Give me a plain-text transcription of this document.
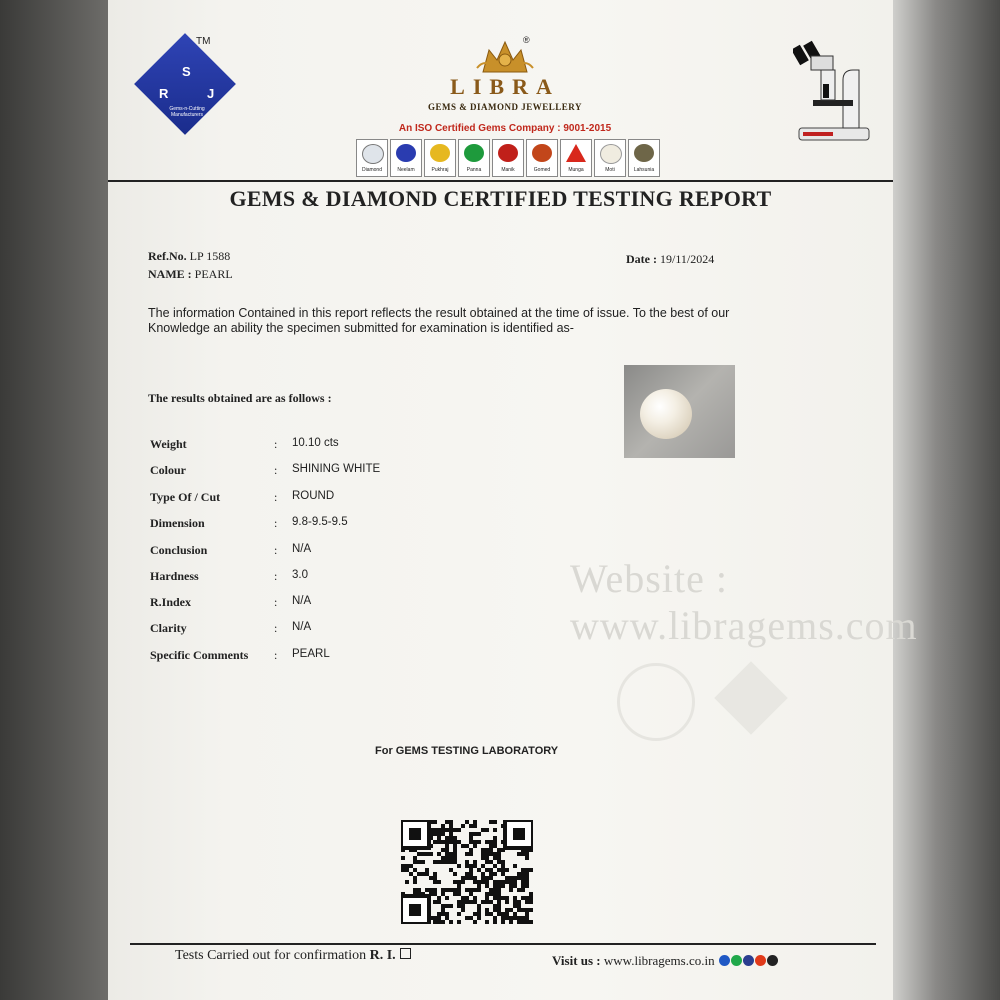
Website : www.libragems.com
S
R	J
Gems-n-Cutting Manufacturers
TM	®
LIBRA
GEMS & DIAMOND JEWELLERY
An ISO Certified Gems Company : 9001-2015
Diamond	Neelam	Pukhraj	Panna	Manik	Gomed	Munga	Moti	Lahsunia
GEMS & DIAMOND CERTIFIED TESTING REPORT
Ref.No. LP 1588
NAME : PEARL
Date : 19/11/2024
The information Contained in this report reflects the result obtained at the time of issue. To the best of our Knowledge an ability the specimen submitted for examination is identified as-
The results obtained are as follows :
Weight	: 10.10 cts
Colour	: SHINING WHITE
Type Of / Cut	: ROUND
Dimension	: 9.8-9.5-9.5
Conclusion	: N/A
Hardness	: 3.0
R.Index	: N/A
Clarity	: N/A
Specific Comments : PEARL
For GEMS TESTING LABORATORY
Tests Carried out for confirmation R. I.	Visit us : www.libragems.co.in
